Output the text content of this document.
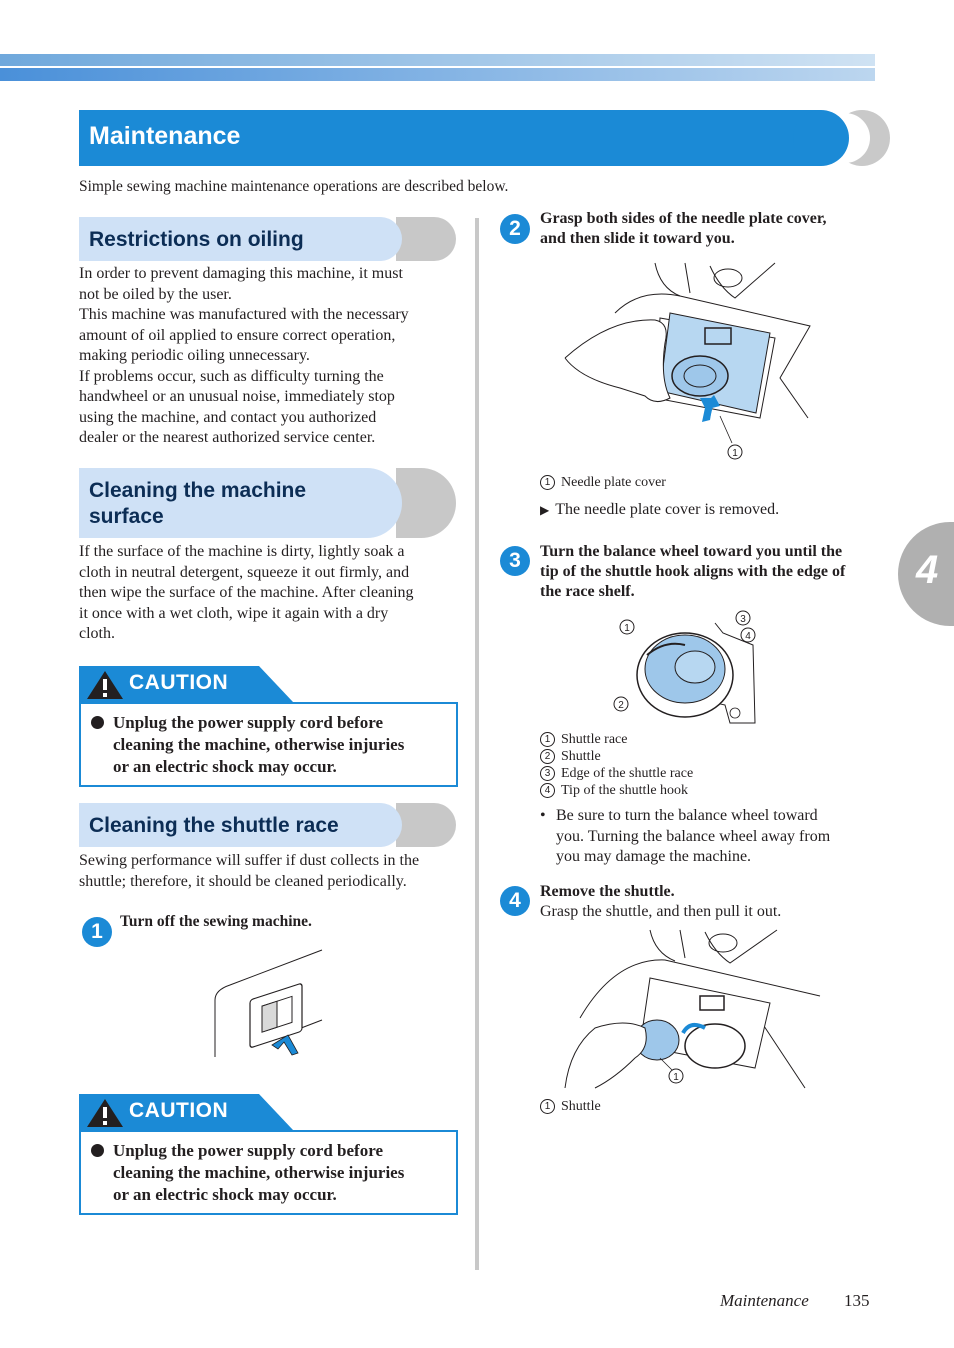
Maintenance
Simple sewing machine maintenance operations are described below.
Restrictions on oiling
In order to prevent damaging this machine, it must
not be oiled by the user.
This machine was manufactured with the necessary
amount of oil applied to ensure correct operation,
making periodic oiling unnecessary.
If problems occur, such as difficulty turning the
handwheel or an unusual noise, immediately stop
using the machine, and contact you authorized
dealer or the nearest authorized service center.
Cleaning the machine
surface
If the surface of the machine is dirty, lightly soak a
cloth in neutral detergent, squeeze it out firmly, and
then wipe the surface of the machine. After cleaning
it once with a wet cloth, wipe it again with a dry
cloth.
CAUTION
Unplug the power supply cord before
cleaning the machine, otherwise injuries
or an electric shock may occur.
Cleaning the shuttle race
Sewing performance will suffer if dust collects in the
shuttle; therefore, it should be cleaned periodically.
1	Turn off the sewing machine.
CAUTION
Unplug the power supply cord before
cleaning the machine, otherwise injuries
or an electric shock may occur.
2	Grasp both sides of the needle plate cover,
and then slide it toward you.
1
1 Needle plate cover
▶ The needle plate cover is removed.
3	Turn the balance wheel toward you until the
tip of the shuttle hook aligns with the edge of
the race shelf.
1
2
3
4
1 Shuttle race
2 Shuttle
3 Edge of the shuttle race
4 Tip of the shuttle hook
• Be sure to turn the balance wheel toward
you. Turning the balance wheel away from
you may damage the machine.
4	Remove the shuttle.
Grasp the shuttle, and then pull it out.
1
1 Shuttle
4
Maintenance 135
